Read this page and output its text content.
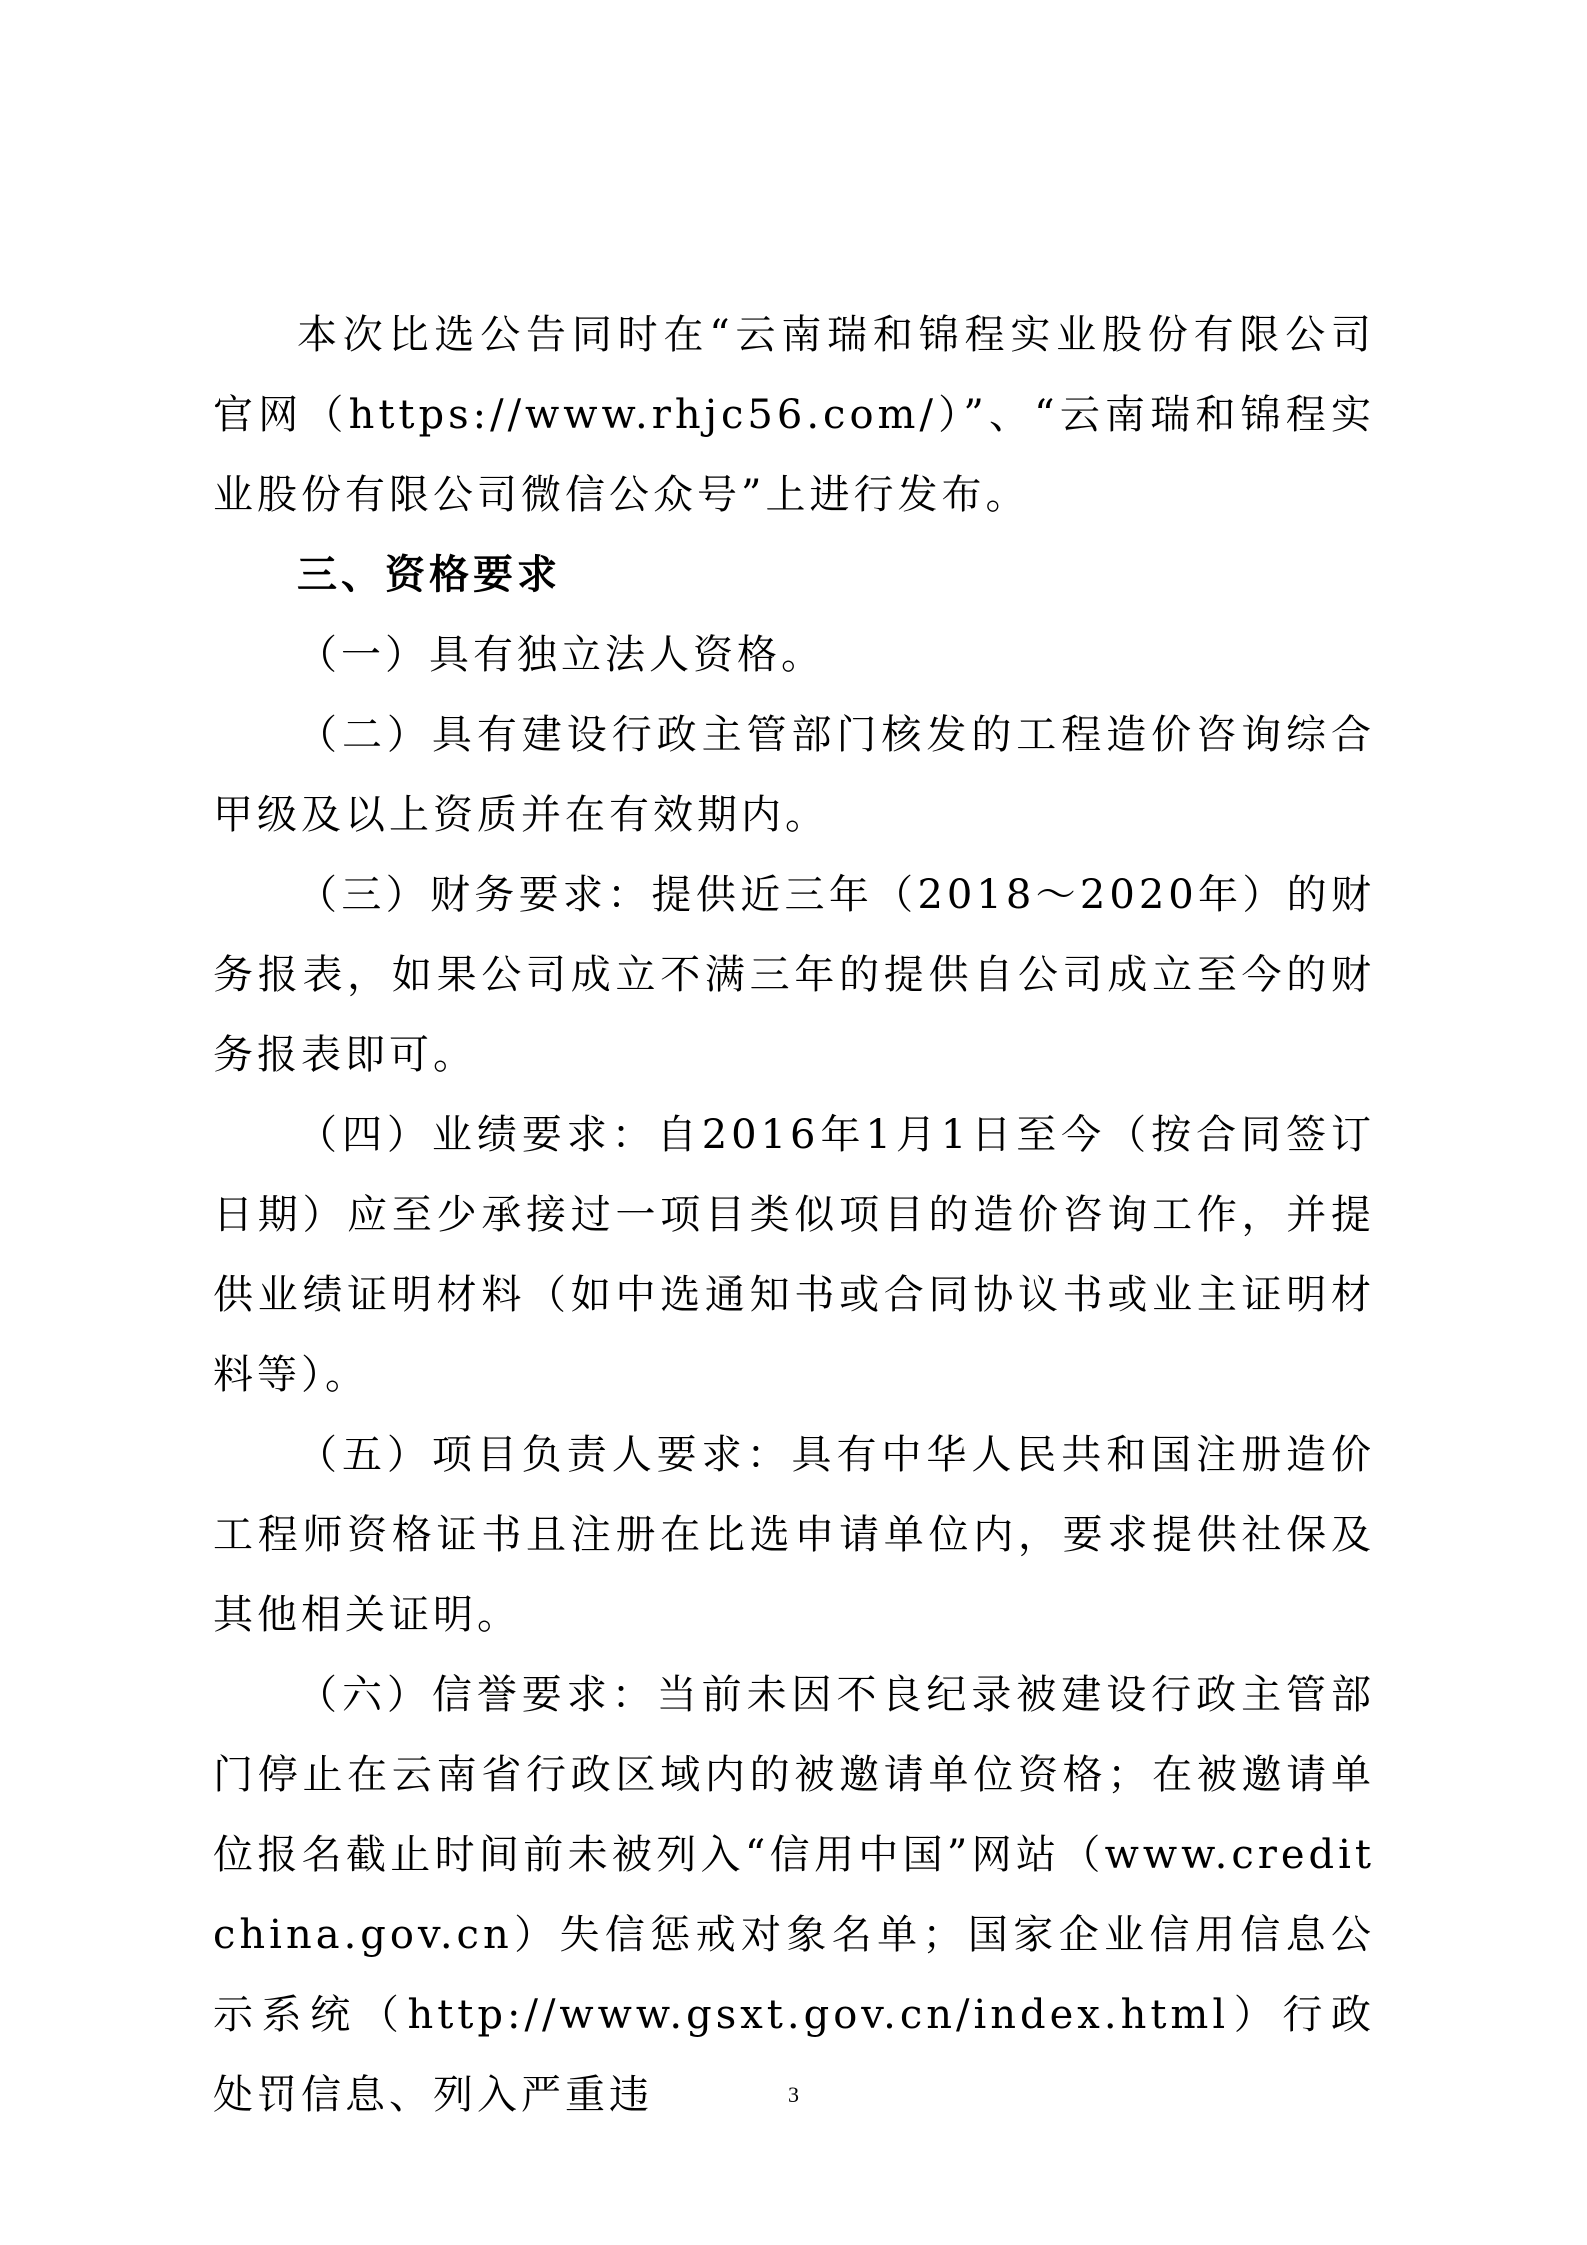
本次比选公告同时在“云南瑞和锦程实业股份有限公司官网（https://www.rhjc56.com/）”、“云南瑞和锦程实业股份有限公司微信公众号”上进行发布。

三、资格要求

（一）具有独立法人资格。

（二）具有建设行政主管部门核发的工程造价咨询综合甲级及以上资质并在有效期内。

（三）财务要求：提供近三年（2018～2020年）的财务报表，如果公司成立不满三年的提供自公司成立至今的财务报表即可。

（四）业绩要求：自2016年1月1日至今（按合同签订日期）应至少承接过一项目类似项目的造价咨询工作，并提供业绩证明材料（如中选通知书或合同协议书或业主证明材料等）。

（五）项目负责人要求：具有中华人民共和国注册造价工程师资格证书且注册在比选申请单位内，要求提供社保及其他相关证明。

（六）信誉要求：当前未因不良纪录被建设行政主管部门停止在云南省行政区域内的被邀请单位资格；在被邀请单位报名截止时间前未被列入“信用中国”网站（www.creditchina.gov.cn）失信惩戒对象名单；国家企业信用信息公示系统（http://www.gsxt.gov.cn/index.html）行政处罚信息、列入严重违	3
